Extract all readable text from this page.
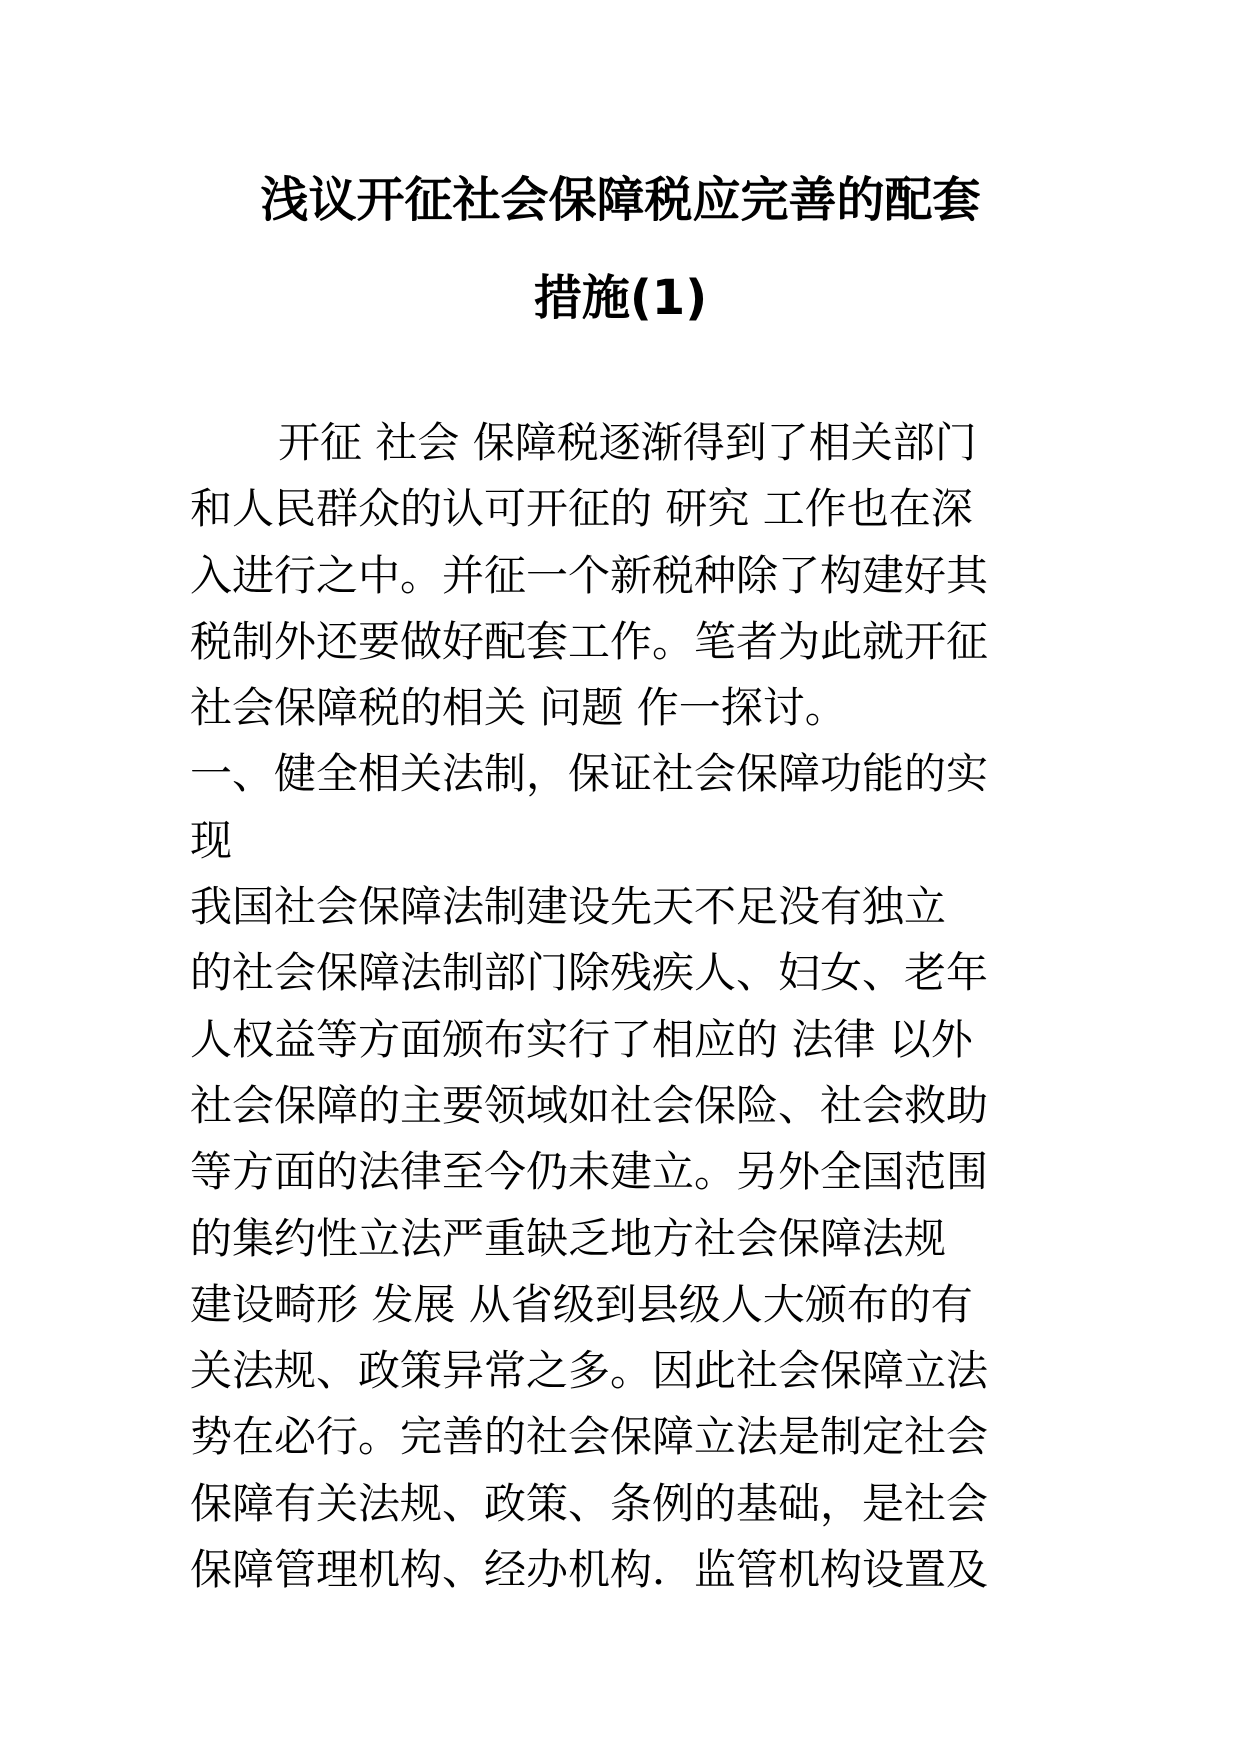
浅议开征社会保障税应完善的配套
措施(1)
开征 社会 保障税逐渐得到了相关部门
和人民群众的认可开征的 研究 工作也在深
入进行之中。并征一个新税种除了构建好其
税制外还要做好配套工作。笔者为此就开征
社会保障税的相关 问题 作一探讨。
一、健全相关法制，保证社会保障功能的实
现
我国社会保障法制建设先天不足没有独立
的社会保障法制部门除残疾人、妇女、老年
人权益等方面颁布实行了相应的 法律 以外
社会保障的主要领域如社会保险、社会救助
等方面的法律至今仍未建立。另外全国范围
的集约性立法严重缺乏地方社会保障法规
建设畸形 发展 从省级到县级人大颁布的有
关法规、政策异常之多。因此社会保障立法
势在必行。完善的社会保障立法是制定社会
保障有关法规、政策、条例的基础，是社会
保障管理机构、经办机构．监管机构设置及
